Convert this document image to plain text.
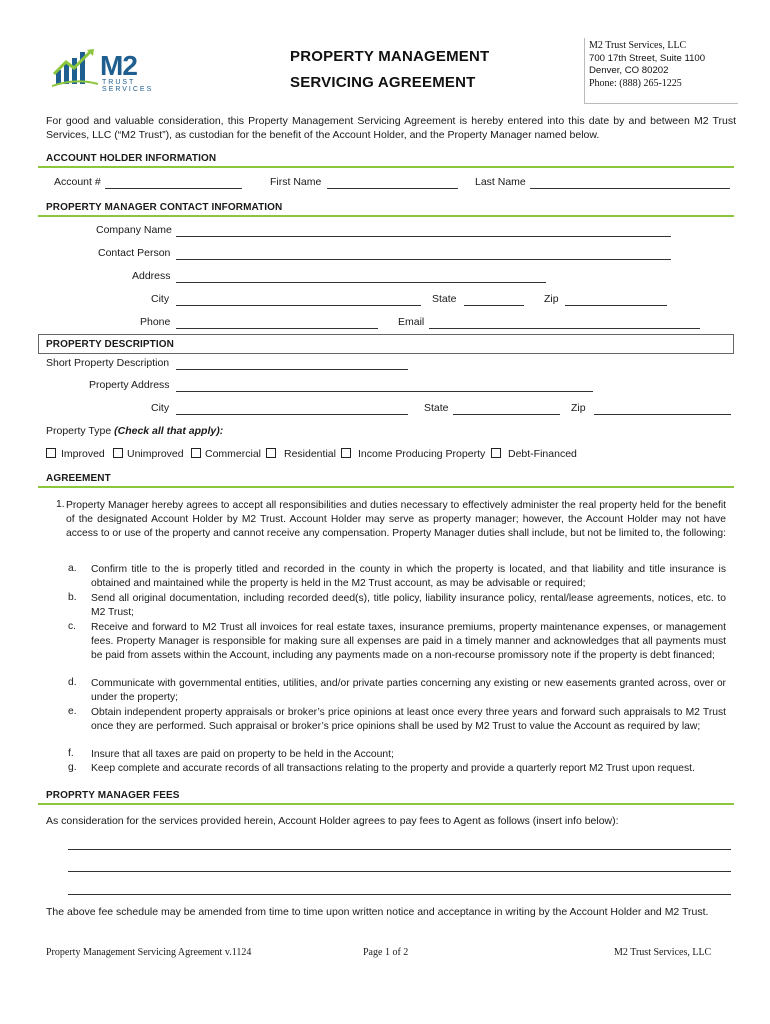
M2
TRUST SERVICES
PROPERTY MANAGEMENT
SERVICING AGREEMENT
M2 Trust Services, LLC
700 17th Street, Suite 1100
Denver, CO 80202
Phone: (888) 265-1225
For good and valuable consideration, this Property Management Servicing Agreement is hereby entered into this date by and between M2 Trust Services, LLC (“M2 Trust”), as custodian for the benefit of the Account Holder, and the Property Manager named below.
ACCOUNT HOLDER INFORMATION
Account #	First Name	Last Name
PROPERTY MANAGER CONTACT INFORMATION
Company Name
Contact Person
Address
City	State	Zip
Phone	Email
PROPERTY DESCRIPTION
Short Property Description
Property Address
City	State	Zip
Property Type (Check all that apply):
Improved Unimproved Commercial Residential Income Producing Property Debt-Financed
AGREEMENT
1. Property Manager hereby agrees to accept all responsibilities and duties necessary to effectively administer the real property held for the benefit of the designated Account Holder by M2 Trust. Account Holder may serve as property manager; however, the Account Holder may not have access to or use of the property and cannot receive any compensation. Property Manager duties shall include, but not be limited to, the following:
a. Confirm title to the is properly titled and recorded in the county in which the property is located, and that liability and title insurance is obtained and maintained while the property is held in the M2 Trust account, as may be advisable or required;
b. Send all original documentation, including recorded deed(s), title policy, liability insurance policy, rental/lease agreements, notices, etc. to M2 Trust;
c. Receive and forward to M2 Trust all invoices for real estate taxes, insurance premiums, property maintenance expenses, or management fees. Property Manager is responsible for making sure all expenses are paid in a timely manner and acknowledges that all payments must be paid from assets within the Account, including any payments made on a non-recourse promissory note if the property is debt financed;
d. Communicate with governmental entities, utilities, and/or private parties concerning any existing or new easements granted across, over or under the property;
e. Obtain independent property appraisals or broker’s price opinions at least once every three years and forward such appraisals to M2 Trust once they are performed. Such appraisal or broker’s price opinions shall be used by M2 Trust to value the Account as required by law;
f. Insure that all taxes are paid on property to be held in the Account;
g. Keep complete and accurate records of all transactions relating to the property and provide a quarterly report M2 Trust upon request.
PROPRTY MANAGER FEES
As consideration for the services provided herein, Account Holder agrees to pay fees to Agent as follows (insert info below):
The above fee schedule may be amended from time to time upon written notice and acceptance in writing by the Account Holder and M2 Trust.
Property Management Servicing Agreement v.1124	Page 1 of 2	M2 Trust Services, LLC
